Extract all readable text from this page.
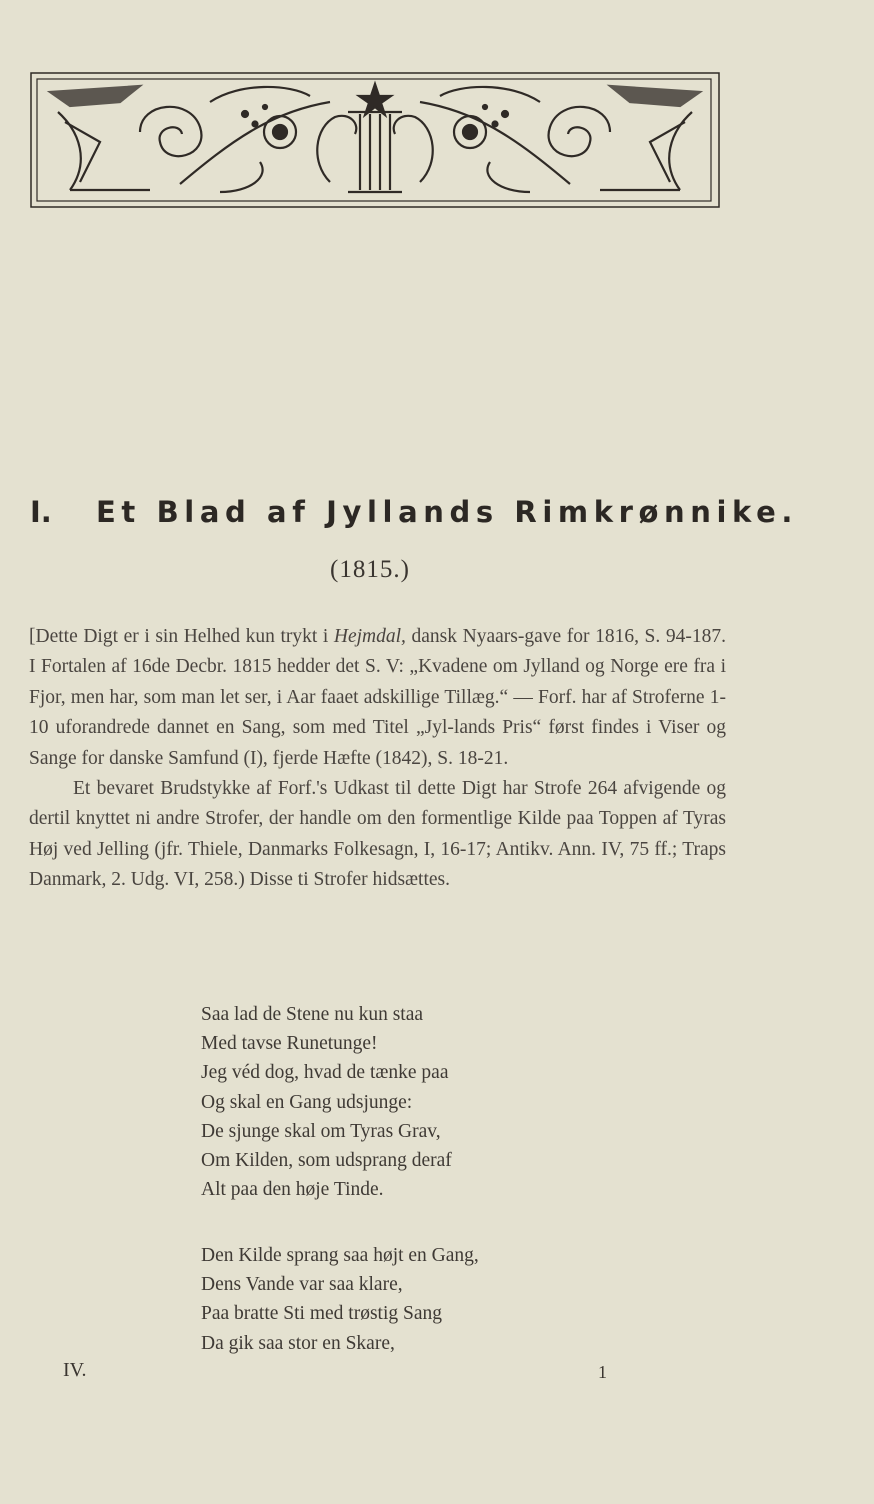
I. Et Blad af Jyllands Rimkrønnike.
(1815.)

[Dette Digt er i sin Helhed kun trykt i Hejmdal, dansk Nyaars-gave for 1816, S. 94-187. I Fortalen af 16de Decbr. 1815 hedder det S. V: „Kvadene om Jylland og Norge ere fra i Fjor, men har, som man let ser, i Aar faaet adskillige Tillæg.“ — Forf. har af Stroferne 1-10 uforandrede dannet en Sang, som med Titel „Jyl-lands Pris“ først findes i Viser og Sange for danske Samfund (I), fjerde Hæfte (1842), S. 18-21.

Et bevaret Brudstykke af Forf.'s Udkast til dette Digt har Strofe 264 afvigende og dertil knyttet ni andre Strofer, der handle om den formentlige Kilde paa Toppen af Tyras Høj ved Jelling (jfr. Thiele, Danmarks Folkesagn, I, 16-17; Antikv. Ann. IV, 75 ff.; Traps Danmark, 2. Udg. VI, 258.) Disse ti Strofer hidsættes.

Saa lad de Stene nu kun staa
Med tavse Runetunge!
Jeg véd dog, hvad de tænke paa
Og skal en Gang udsjunge:
De sjunge skal om Tyras Grav,
Om Kilden, som udsprang deraf
Alt paa den høje Tinde.
Den Kilde sprang saa højt en Gang,
Dens Vande var saa klare,
Paa bratte Sti med trøstig Sang
Da gik saa stor en Skare,
IV.	1
